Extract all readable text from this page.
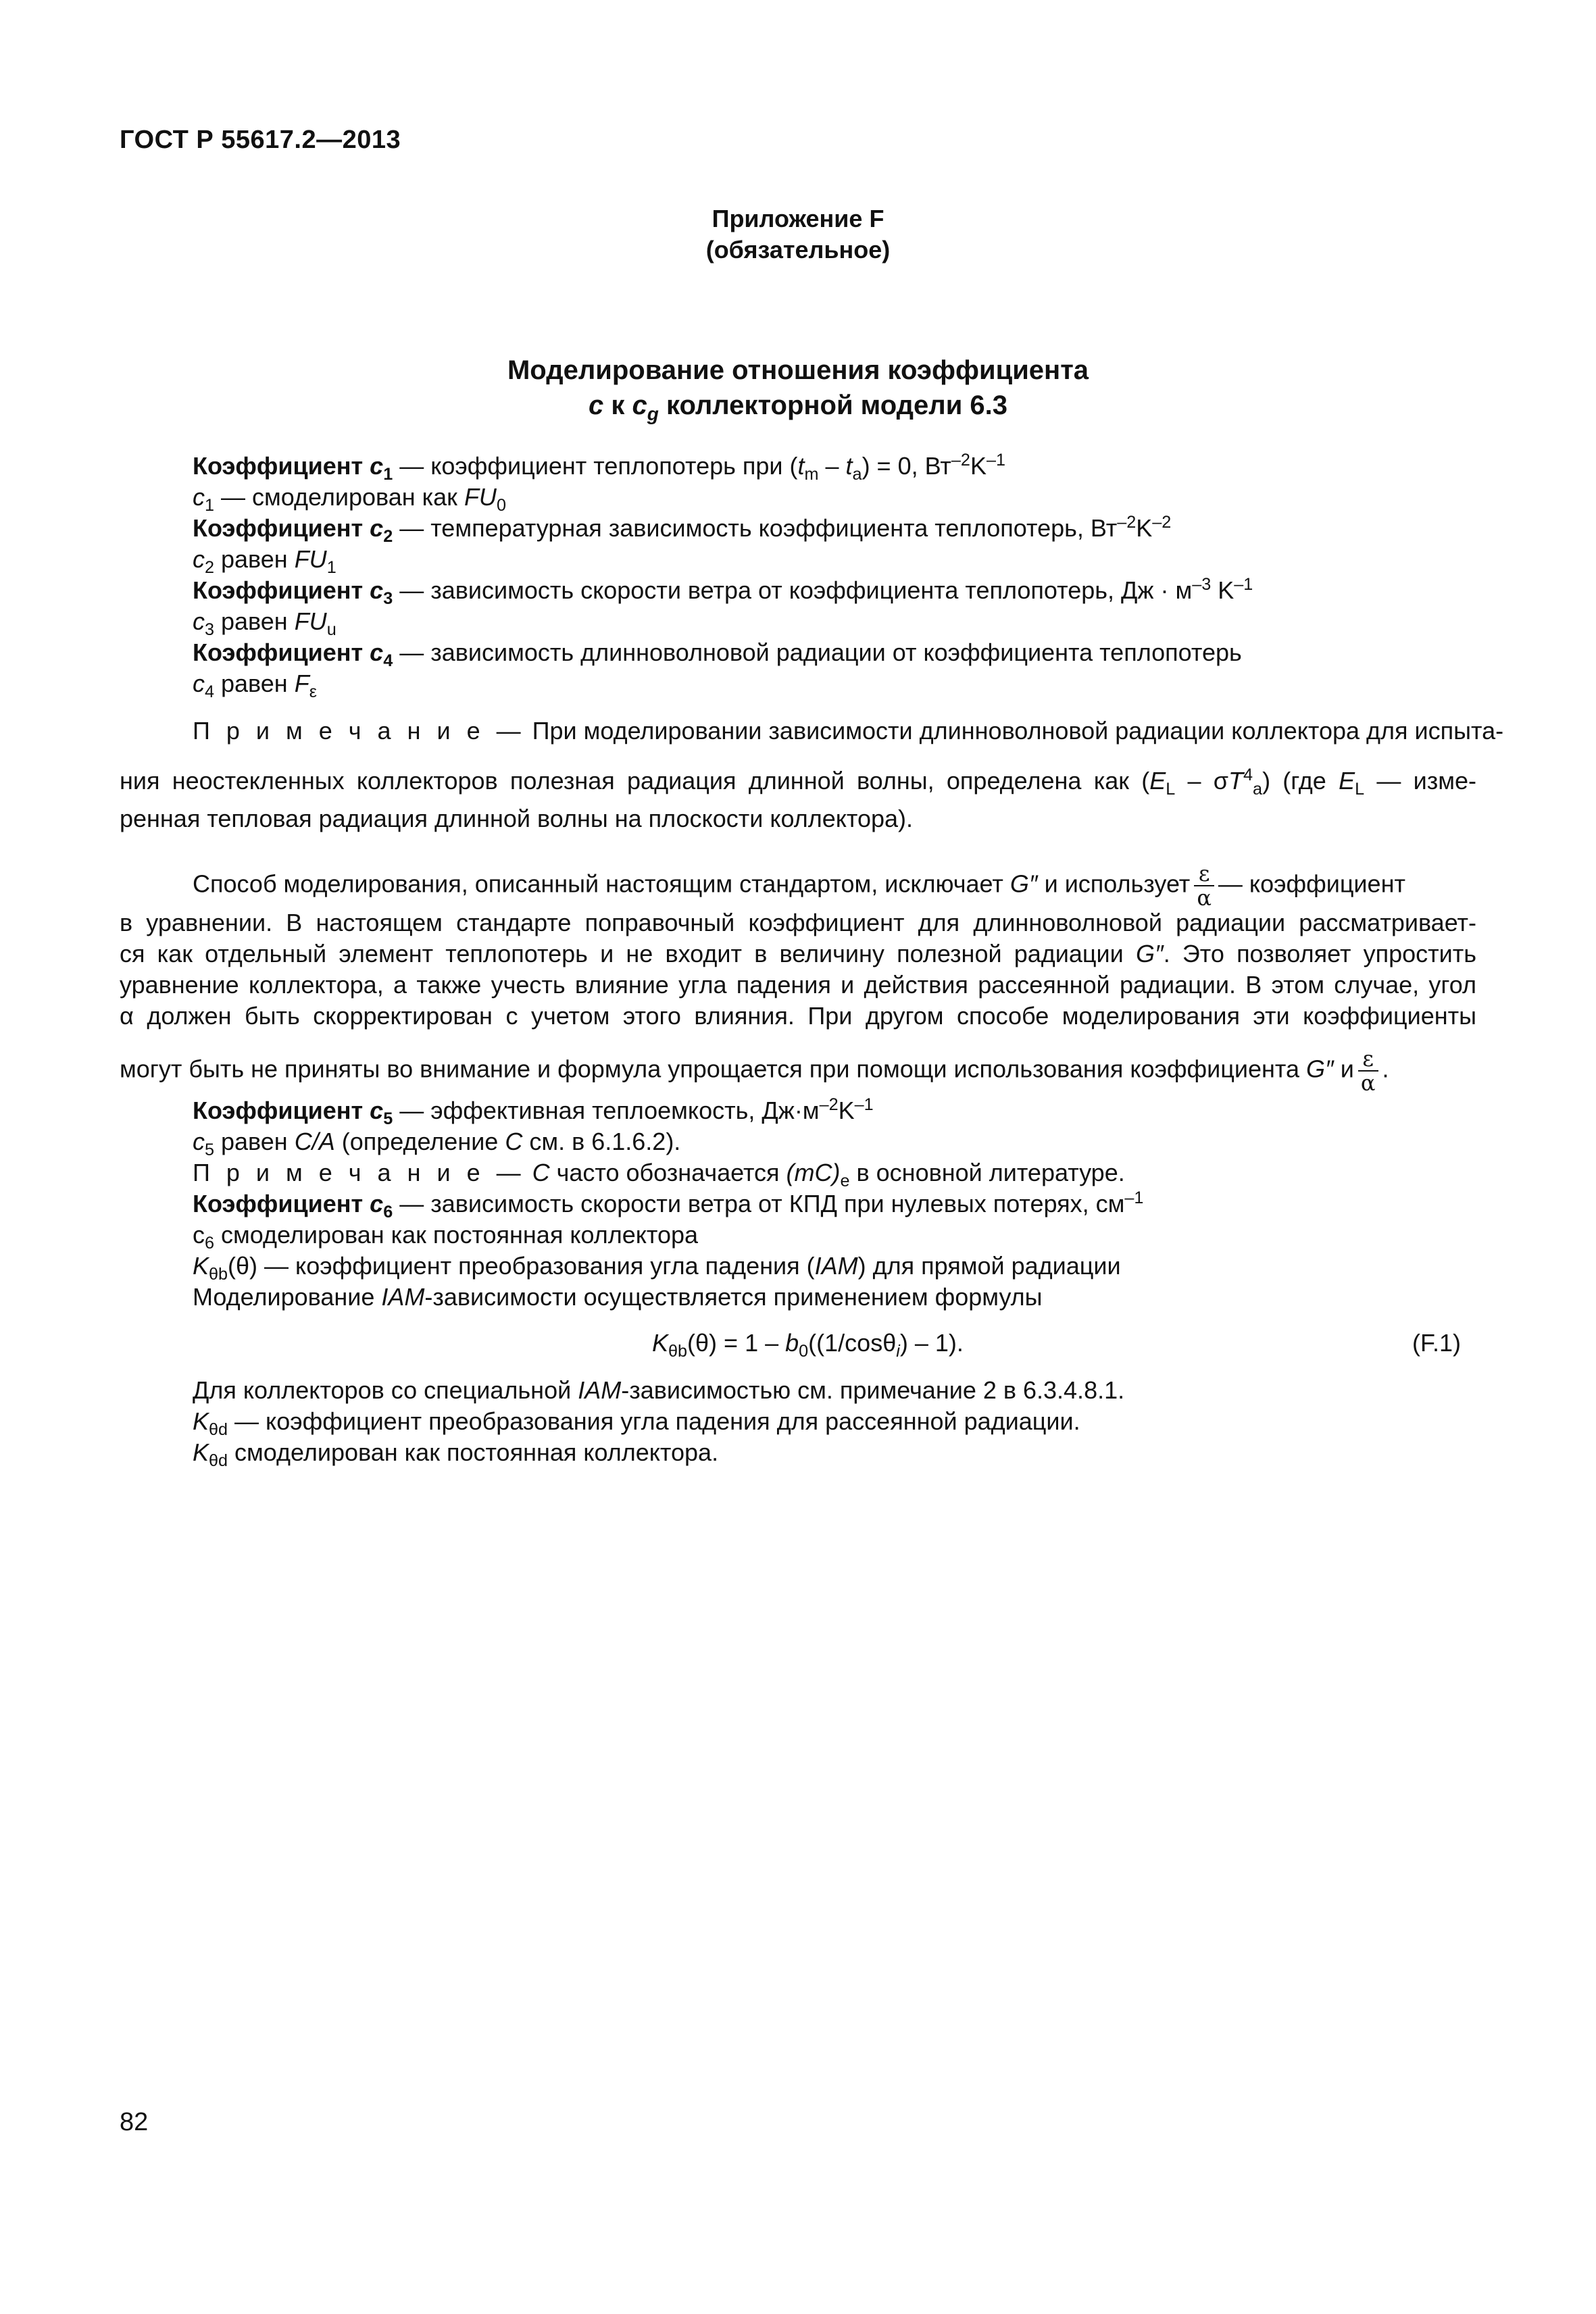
ГОСТ Р 55617.2—2013
Приложение F
(обязательное)
Моделирование отношения коэффициента
c к $c_g$ коллекторной модели 6.3
Коэффициент $c_1$ — коэффициент теплопотерь при $(t_m - t_a) = 0$, $Вт^{-2}K^{-1}$
$c_1$ — смоделирован как $FU_0$
Коэффициент $c_2$ — температурная зависимость коэффициента теплопотерь, $Вт^{-2}K^{-2}$
$c_2$ равен $FU_1$
Коэффициент $c_3$ — зависимость скорости ветра от коэффициента теплопотерь, Дж · $м^{-3}$ $K^{-1}$
$c_3$ равен $FU_u$
Коэффициент $c_4$ — зависимость длинноволновой радиации от коэффициента теплопотерь
$c_4$ равен $F_\varepsilon$
П р и м е ч а н и е — При моделировании зависимости длинноволновой радиации коллектора для испыта-
ния неостекленных коллекторов полезная радиация длинной волны, определена как $(E_L - \sigma T^4_a)$ (где $E_L$ — изме-
ренная тепловая радиация длинной волны на плоскости коллектора).
Способ моделирования, описанный настоящим стандартом, исключает G″ и использует $\frac{\varepsilon}{\alpha}$ — коэффициент
в уравнении. В настоящем стандарте поправочный коэффициент для длинноволновой радиации рассматривает-
ся как отдельный элемент теплопотерь и не входит в величину полезной радиации G″. Это позволяет упростить
уравнение коллектора, а также учесть влияние угла падения и действия рассеянной радиации. В этом случае, угол
α должен быть скорректирован с учетом этого влияния. При другом способе моделирования эти коэффициенты
могут быть не приняты во внимание и формула упрощается при помощи использования коэффициента G″ и $\frac{\varepsilon}{\alpha}$ .
Коэффициент $c_5$ — эффективная теплоемкость, $Дж\cdot м^{-2}K^{-1}$
$c_5$ равен C/A (определение C см. в 6.1.6.2).
П р и м е ч а н и е — C часто обозначается $(mC)_e$ в основной литературе.
Коэффициент $c_6$ — зависимость скорости ветра от КПД при нулевых потерях, $см^{-1}$
$c_6$ смоделирован как постоянная коллектора
$K_{\theta b}(\theta)$ — коэффициент преобразования угла падения (IAM) для прямой радиации
Моделирование IAM-зависимости осуществляется применением формулы
$K_{\theta b}(\theta) = 1 - b_0((1/\cos\theta_i) - 1)$.	(F.1)
Для коллекторов со специальной IAM-зависимостью см. примечание 2 в 6.3.4.8.1.
$K_{\theta d}$ — коэффициент преобразования угла падения для рассеянной радиации.
$K_{\theta d}$ смоделирован как постоянная коллектора.
82
